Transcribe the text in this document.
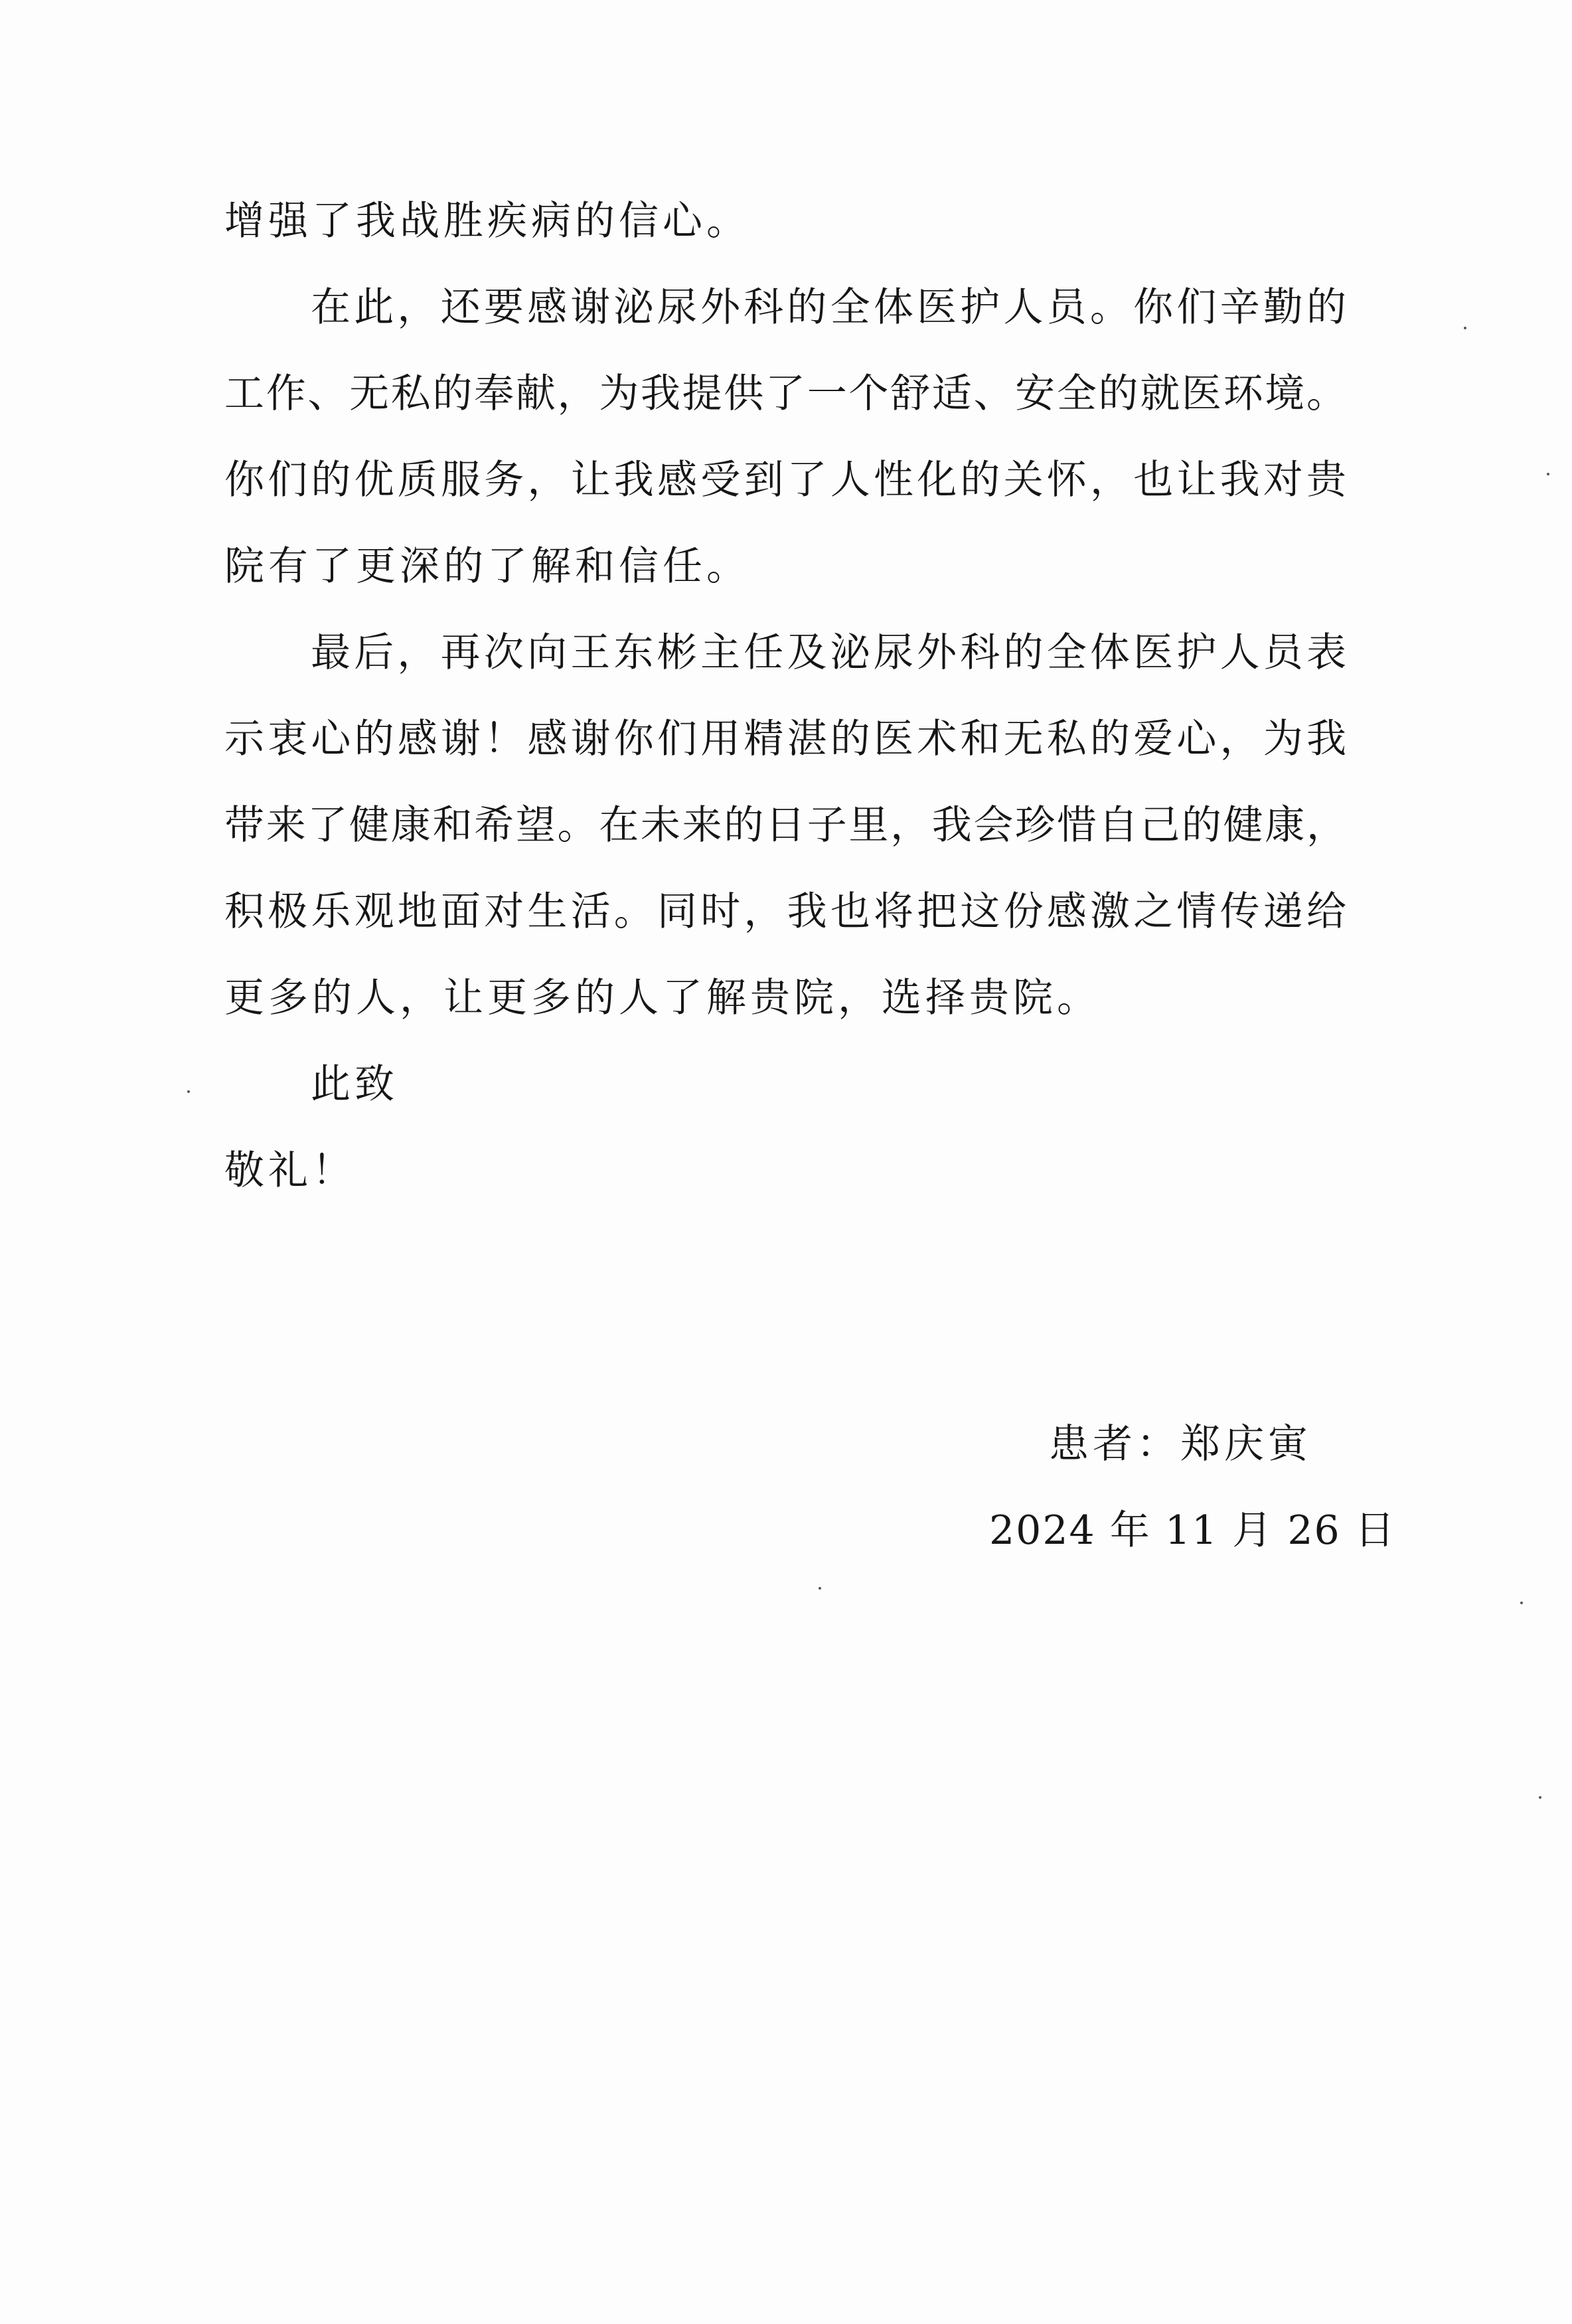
增强了我战胜疾病的信心。
在此，还要感谢泌尿外科的全体医护人员。你们辛勤的
工作、无私的奉献，为我提供了一个舒适、安全的就医环境。
你们的优质服务，让我感受到了人性化的关怀，也让我对贵
院有了更深的了解和信任。
最后，再次向王东彬主任及泌尿外科的全体医护人员表
示衷心的感谢！感谢你们用精湛的医术和无私的爱心，为我
带来了健康和希望。在未来的日子里，我会珍惜自己的健康，
积极乐观地面对生活。同时，我也将把这份感激之情传递给
更多的人，让更多的人了解贵院，选择贵院。
此致
敬礼！
患者：郑庆寅
2024 年 11 月 26 日
